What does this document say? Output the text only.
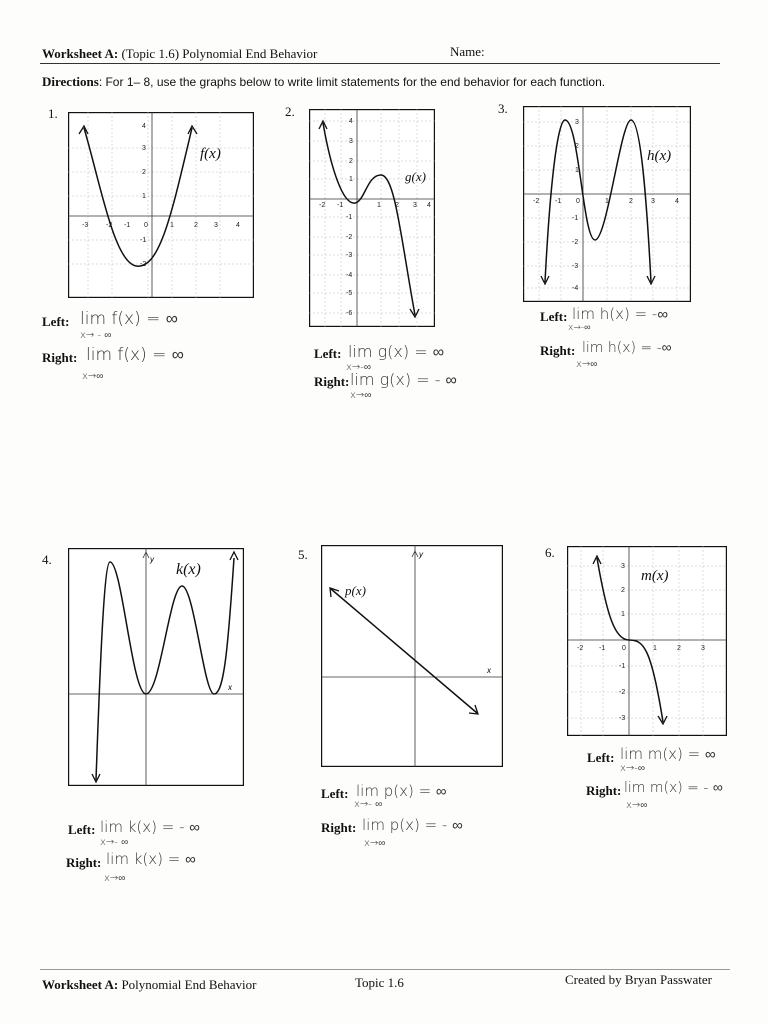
Worksheet A: (Topic 1.6) Polynomial End Behavior	Name:
Directions: For 1– 8, use the graphs below to write limit statements for the end behavior for each function.
1.	2.	3.
4.	5.	6.
-3	-2 -1 0	1	2 3	4
4
3
2
1
-1
-2
f(x)
-2 -1	1 2 3 4
4
3
2
1
-1
-2
-3
-4
-5
-6
g(x)
-2 -1 0	1	2	3	4
3
2
1
-1
-2
-3
-4
h(x)
y
x
k(x)
y
x
p(x)
-2 -1 0	1	2	3
3
2
1
-1
-2
-3
m(x)
Left: lim f(x) = ∞
x→ - ∞
Right: lim f(x) = ∞
x→∞
Left: lim g(x) = ∞
x→-∞
Right: lim g(x) = - ∞
x→∞
Left: lim h(x) = -∞
x→-∞
Right: lim h(x) = -∞
x→∞
Left: lim k(x) = - ∞
x→- ∞
Right: lim k(x) = ∞
x→∞
Left: lim p(x) = ∞
x→- ∞
Right: lim p(x) = - ∞
x→∞
Left: lim m(x) = ∞
x→-∞
Right: lim m(x) = - ∞
x→∞
Worksheet A: Polynomial End Behavior	Topic 1.6	Created by Bryan Passwater
